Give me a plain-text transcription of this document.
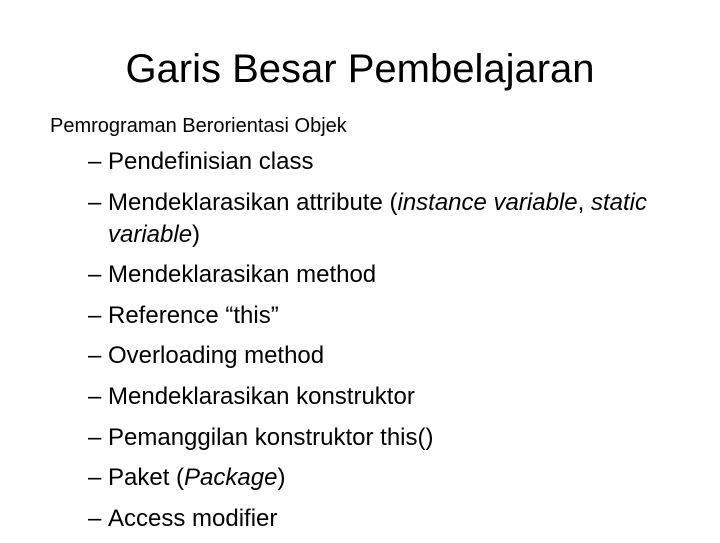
Garis Besar Pembelajaran

Pemrograman Berorientasi Objek

– Pendefinisian class
– Mendeklarasikan attribute (instance variable, static variable)
– Mendeklarasikan method
– Reference “this”
– Overloading method
– Mendeklarasikan konstruktor
– Pemanggilan konstruktor this()
– Paket (Package)
– Access modifier
